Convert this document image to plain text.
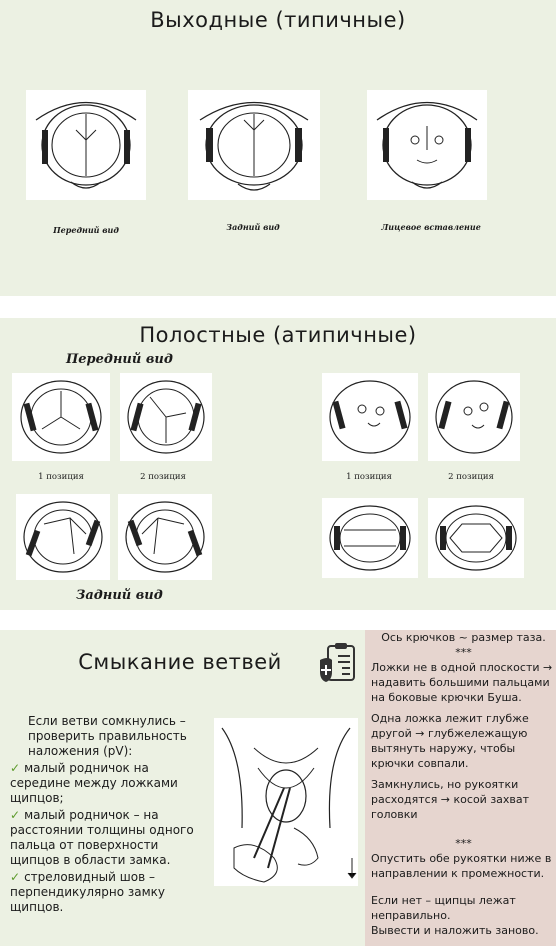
Выходные (типичные)
Передний вид	Задний вид	Лицевое вставление
Полостные (атипичные)
Передний вид
1 позиция	2 позиция	1 позиция	2 позиция
Задний вид
Смыкание ветвей
Если ветви сомкнулись – проверить правильность наложения (pV):
✓ малый родничок на середине между ложками щипцов;
✓ малый родничок – на расстоянии толщины одного пальца от поверхности щипцов в области замка.
✓ стреловидный шов – перпендикулярно замку щипцов.
Ось крючков ~ размер таза.
***
Ложки не в одной плоскости → надавить большими пальцами на боковые крючки Буша.
Одна ложка лежит глубже другой → глубжележащую вытянуть наружу, чтобы крючки совпали.
Замкнулись, но рукоятки расходятся → косой захват головки
***
Опустить обе рукоятки ниже в направлении к промежности.
Если нет – щипцы лежат неправильно.
Вывести и наложить заново.
